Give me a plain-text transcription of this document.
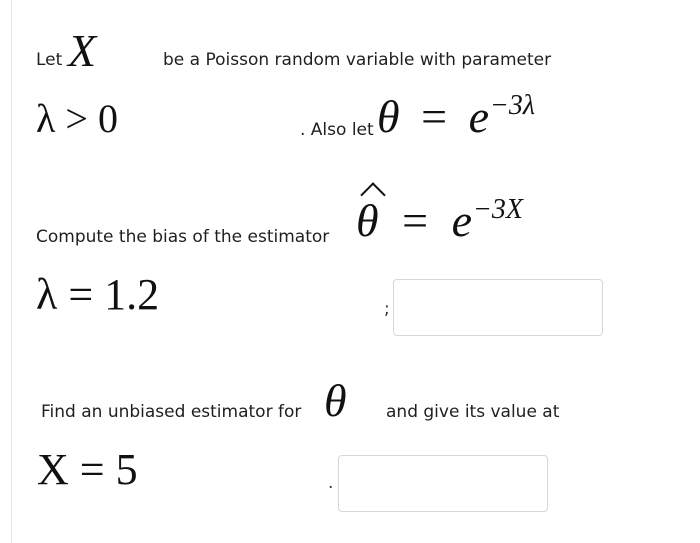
Let X	be a Poisson random variable with parameter
λ > 0	. Also let $\theta = e^{-3\lambda}$
Compute the bias of the estimator $\theta = e^{-3X}$
λ = 1.2	;
Find an unbiased estimator for θ and give its value at
X = 5	.
